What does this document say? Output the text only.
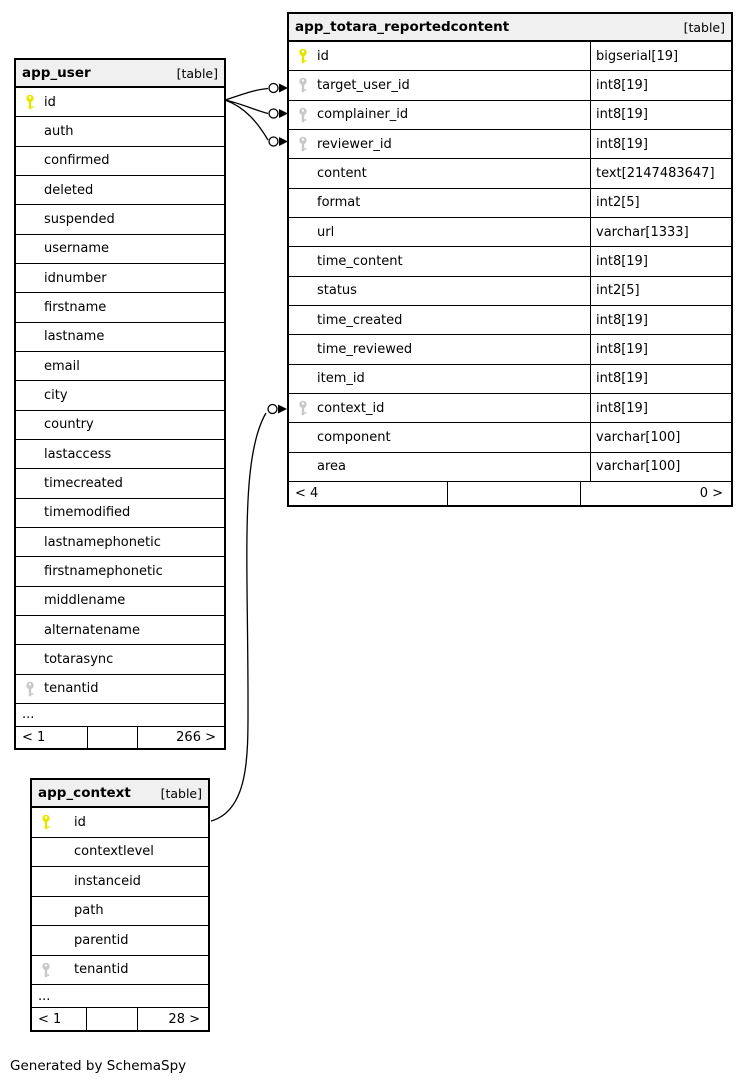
app_totara_reportedcontent	[table]
id	bigserial[19]
target_user_id	int8[19]
complainer_id	int8[19]
reviewer_id	int8[19]
content	text[2147483647]
format	int2[5]
url	varchar[1333]
time_content	int8[19]
status	int2[5]
time_created	int8[19]
time_reviewed	int8[19]
item_id	int8[19]
context_id	int8[19]
component	varchar[100]
area	varchar[100]
< 4	0 >
app_user	[table]
id
auth
confirmed
deleted
suspended
username
idnumber
firstname
lastname
email
city
country
lastaccess
timecreated
timemodified
lastnamephonetic
firstnamephonetic
middlename
alternatename
totarasync
tenantid
...
< 1	266 >
app_context [table]
id
contextlevel
instanceid
path
parentid
tenantid
...
< 1	28 >
Generated by SchemaSpy
